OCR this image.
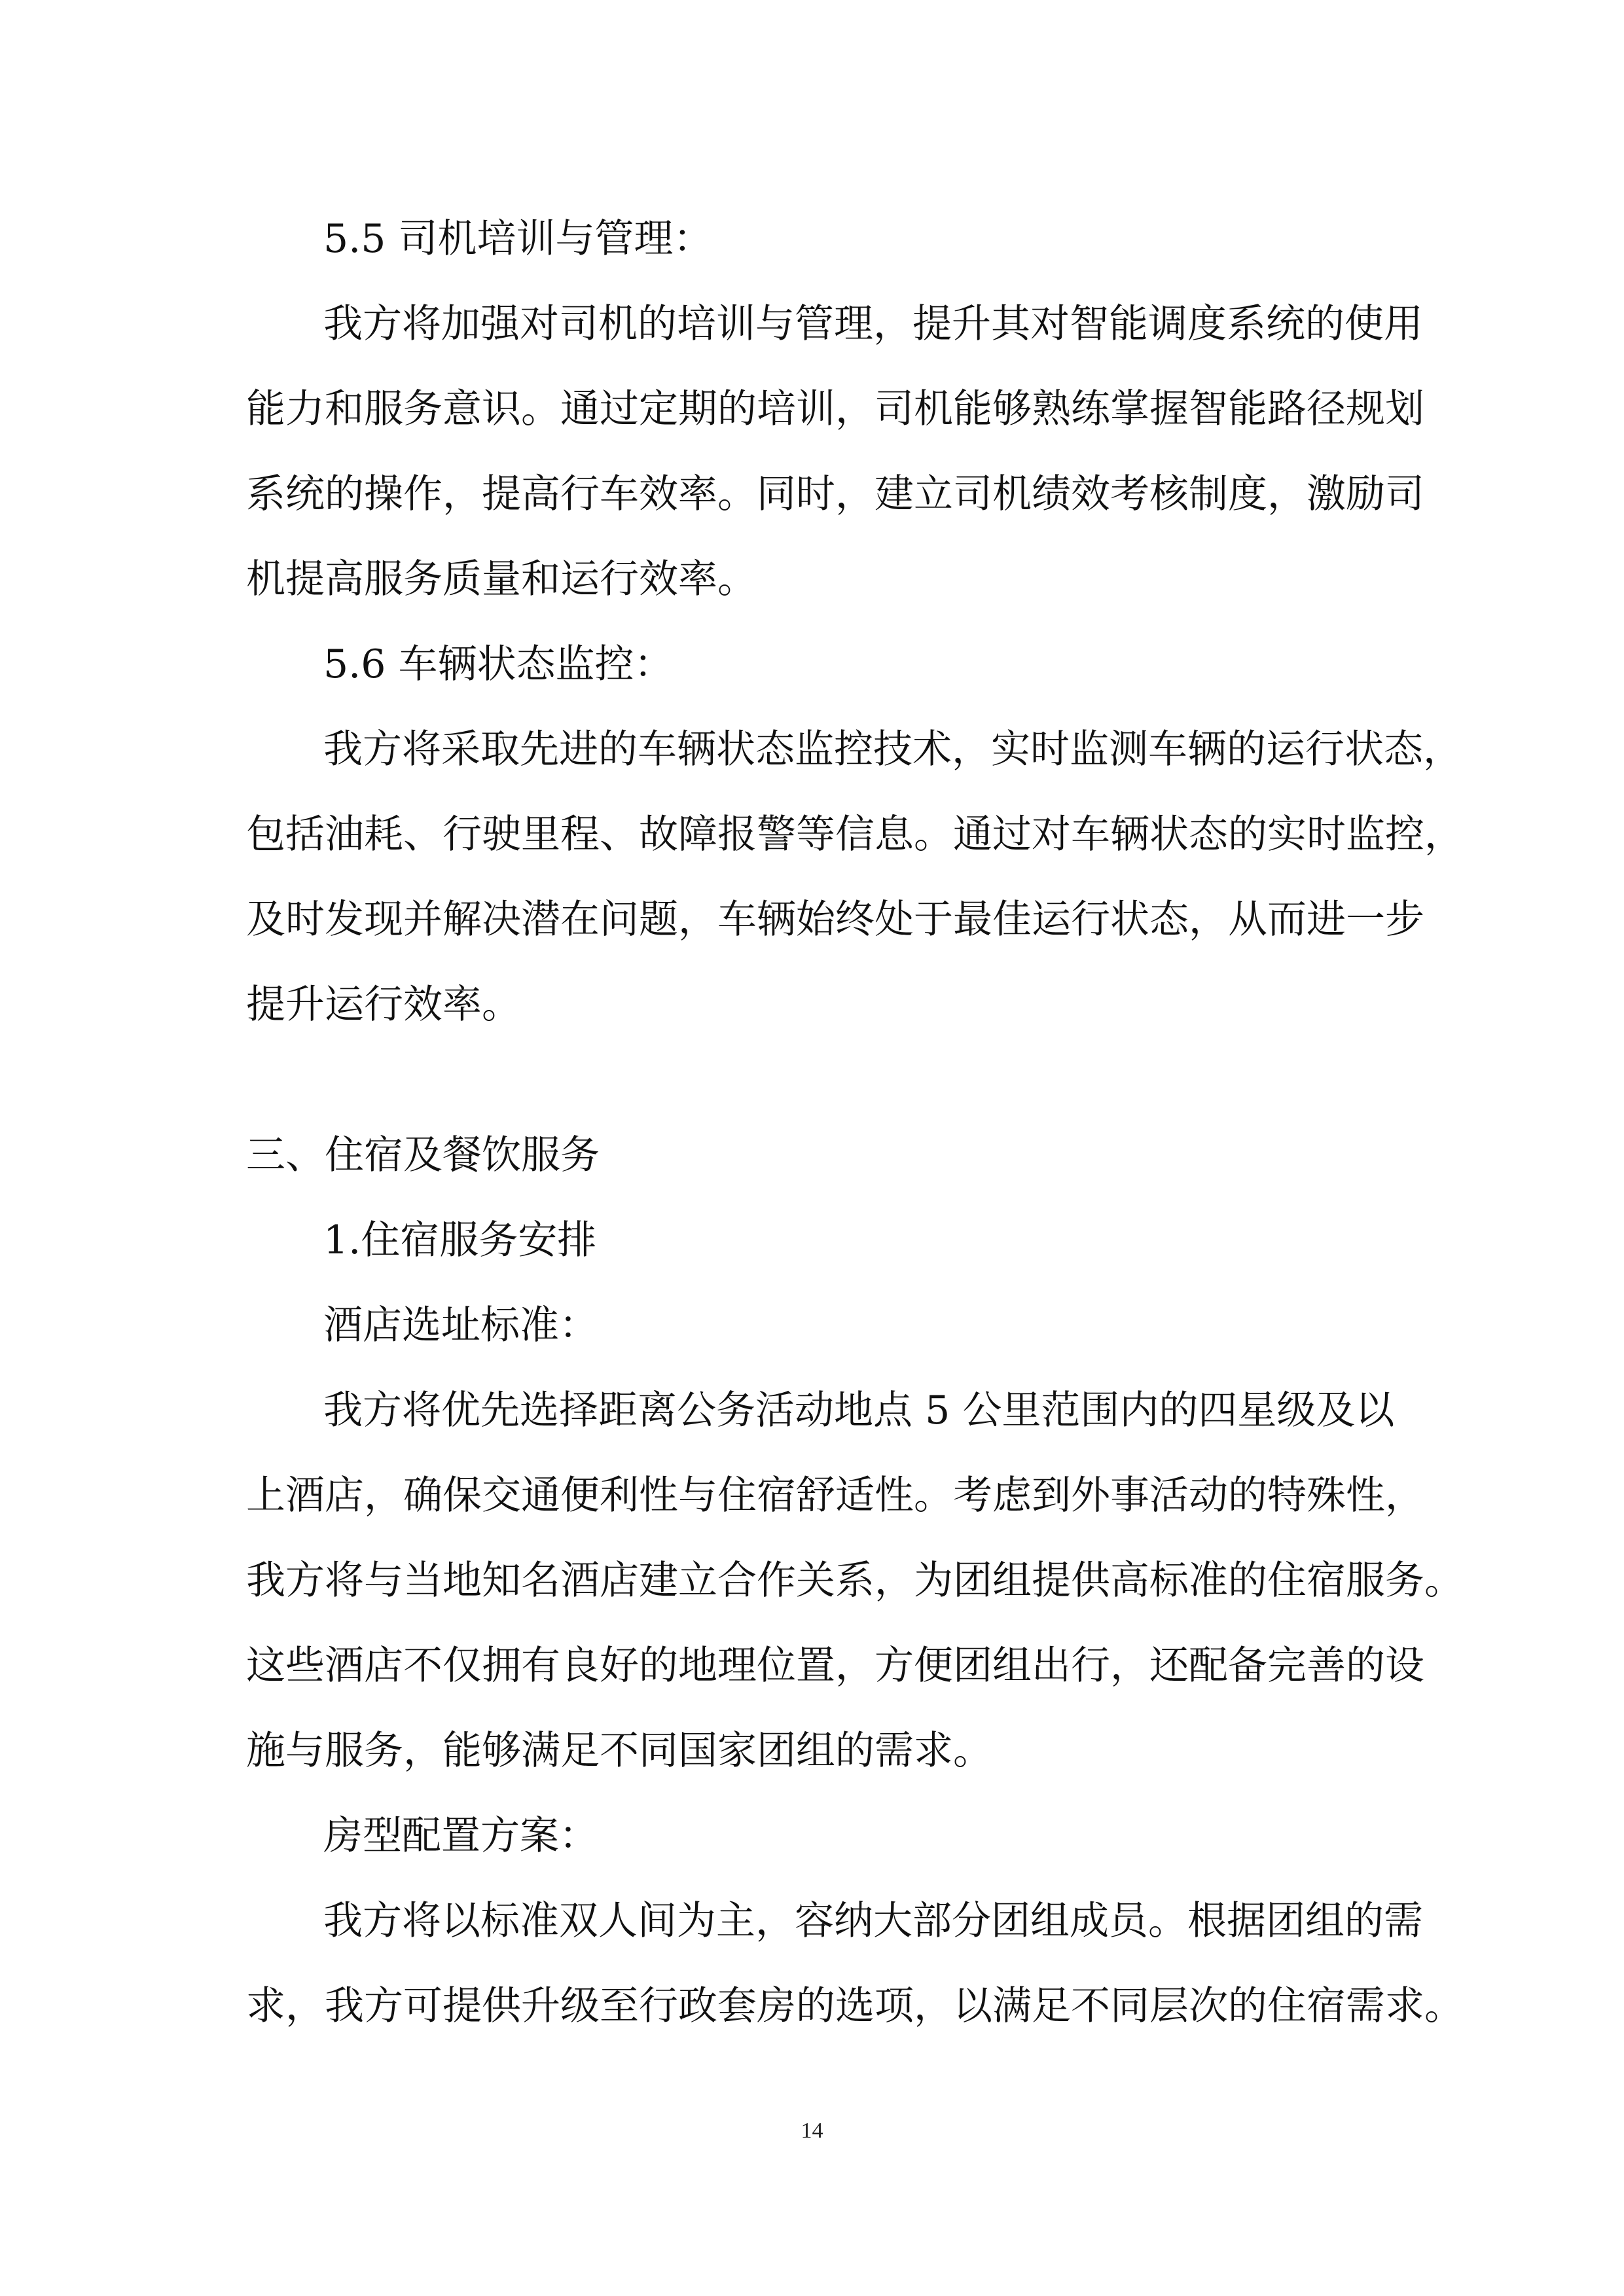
5.5 司机培训与管理：
我方将加强对司机的培训与管理，提升其对智能调度系统的使用
能力和服务意识。通过定期的培训，司机能够熟练掌握智能路径规划
系统的操作，提高行车效率。同时，建立司机绩效考核制度，激励司
机提高服务质量和运行效率。
5.6 车辆状态监控：
我方将采取先进的车辆状态监控技术，实时监测车辆的运行状态，
包括油耗、行驶里程、故障报警等信息。通过对车辆状态的实时监控，
及时发现并解决潜在问题，车辆始终处于最佳运行状态，从而进一步
提升运行效率。
三、住宿及餐饮服务
1.住宿服务安排
酒店选址标准：
我方将优先选择距离公务活动地点 5 公里范围内的四星级及以
上酒店，确保交通便利性与住宿舒适性。考虑到外事活动的特殊性，
我方将与当地知名酒店建立合作关系，为团组提供高标准的住宿服务。
这些酒店不仅拥有良好的地理位置，方便团组出行，还配备完善的设
施与服务，能够满足不同国家团组的需求。
房型配置方案：
我方将以标准双人间为主，容纳大部分团组成员。根据团组的需
求，我方可提供升级至行政套房的选项，以满足不同层次的住宿需求。
14
